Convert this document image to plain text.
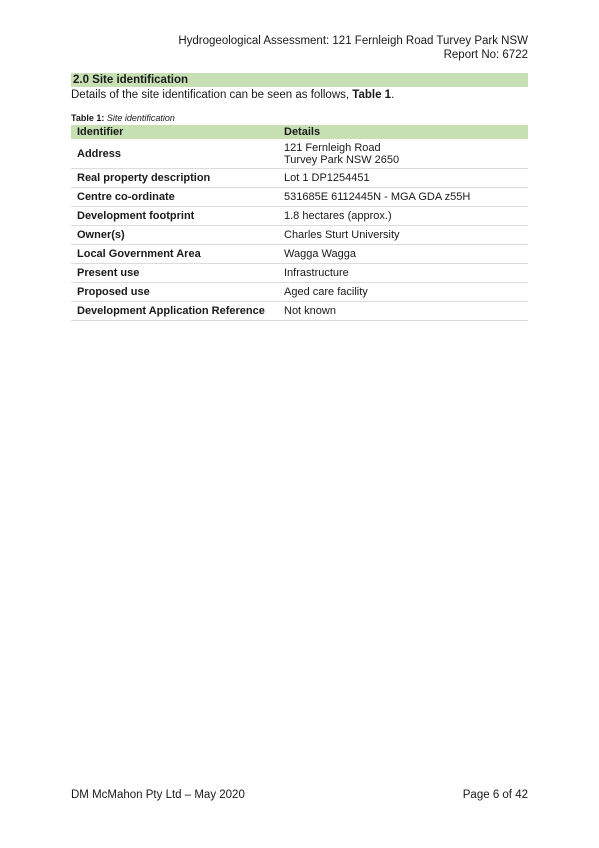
Hydrogeological Assessment: 121 Fernleigh Road Turvey Park NSW
Report No: 6722
2.0 Site identification
Details of the site identification can be seen as follows, Table 1.
Table 1: Site identification
Identifier	Details
Address	121 Fernleigh Road
Turvey Park NSW 2650

Real property description	Lot 1 DP1254451
Centre co-ordinate	531685E 6112445N - MGA GDA z55H
Development footprint	1.8 hectares (approx.)
Owner(s)	Charles Sturt University
Local Government Area	Wagga Wagga
Present use	Infrastructure
Proposed use	Aged care facility
Development Application Reference	Not known
DM McMahon Pty Ltd – May 2020	Page 6 of 42
